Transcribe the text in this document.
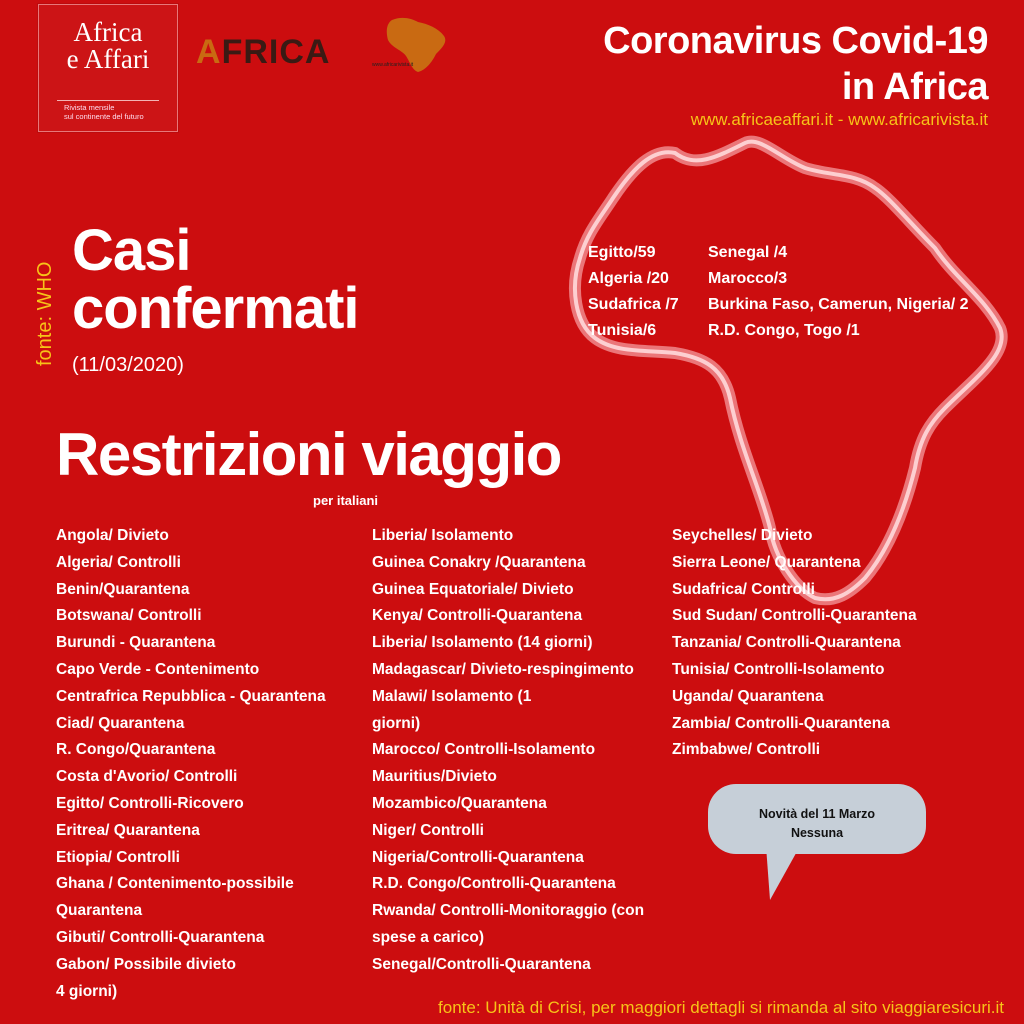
Africa
e Affari
Rivista mensile
sul continente del futuro
AFRICA	www.africarivista.it
Coronavirus Covid-19
in Africa
www.africaeaffari.it - www.africarivista.it
fonte: WHO
Casi
confermati
(11/03/2020)
Egitto/59
Algeria /20
Sudafrica /7
Tunisia/6
Senegal /4
Marocco/3
Burkina Faso, Camerun, Nigeria/ 2
R.D. Congo, Togo /1
Restrizioni viaggio
per italiani
Angola/ Divieto
Algeria/ Controlli
Benin/Quarantena
Botswana/ Controlli
Burundi - Quarantena
Capo Verde - Contenimento
Centrafrica Repubblica - Quarantena
Ciad/ Quarantena
R. Congo/Quarantena
Costa d'Avorio/ Controlli
Egitto/ Controlli-Ricovero
Eritrea/ Quarantena
Etiopia/ Controlli
Ghana / Contenimento-possibile
Quarantena
Gibuti/ Controlli-Quarantena
Gabon/ Possibile divieto
4 giorni)
Liberia/ Isolamento
Guinea Conakry /Quarantena
Guinea Equatoriale/ Divieto
Kenya/ Controlli-Quarantena
Liberia/ Isolamento (14 giorni)
Madagascar/ Divieto-respingimento
Malawi/ Isolamento (1
giorni)
Marocco/ Controlli-Isolamento
Mauritius/Divieto
Mozambico/Quarantena
Niger/ Controlli
Nigeria/Controlli-Quarantena
R.D. Congo/Controlli-Quarantena
Rwanda/ Controlli-Monitoraggio (con
spese a carico)
Senegal/Controlli-Quarantena
Seychelles/ Divieto
Sierra Leone/ Quarantena
Sudafrica/ Controlli
Sud Sudan/ Controlli-Quarantena
Tanzania/ Controlli-Quarantena
Tunisia/ Controlli-Isolamento
Uganda/ Quarantena
Zambia/ Controlli-Quarantena
Zimbabwe/ Controlli
Novità del 11 Marzo
Nessuna
fonte: Unità di Crisi, per maggiori dettagli si rimanda al sito viaggiaresicuri.it
